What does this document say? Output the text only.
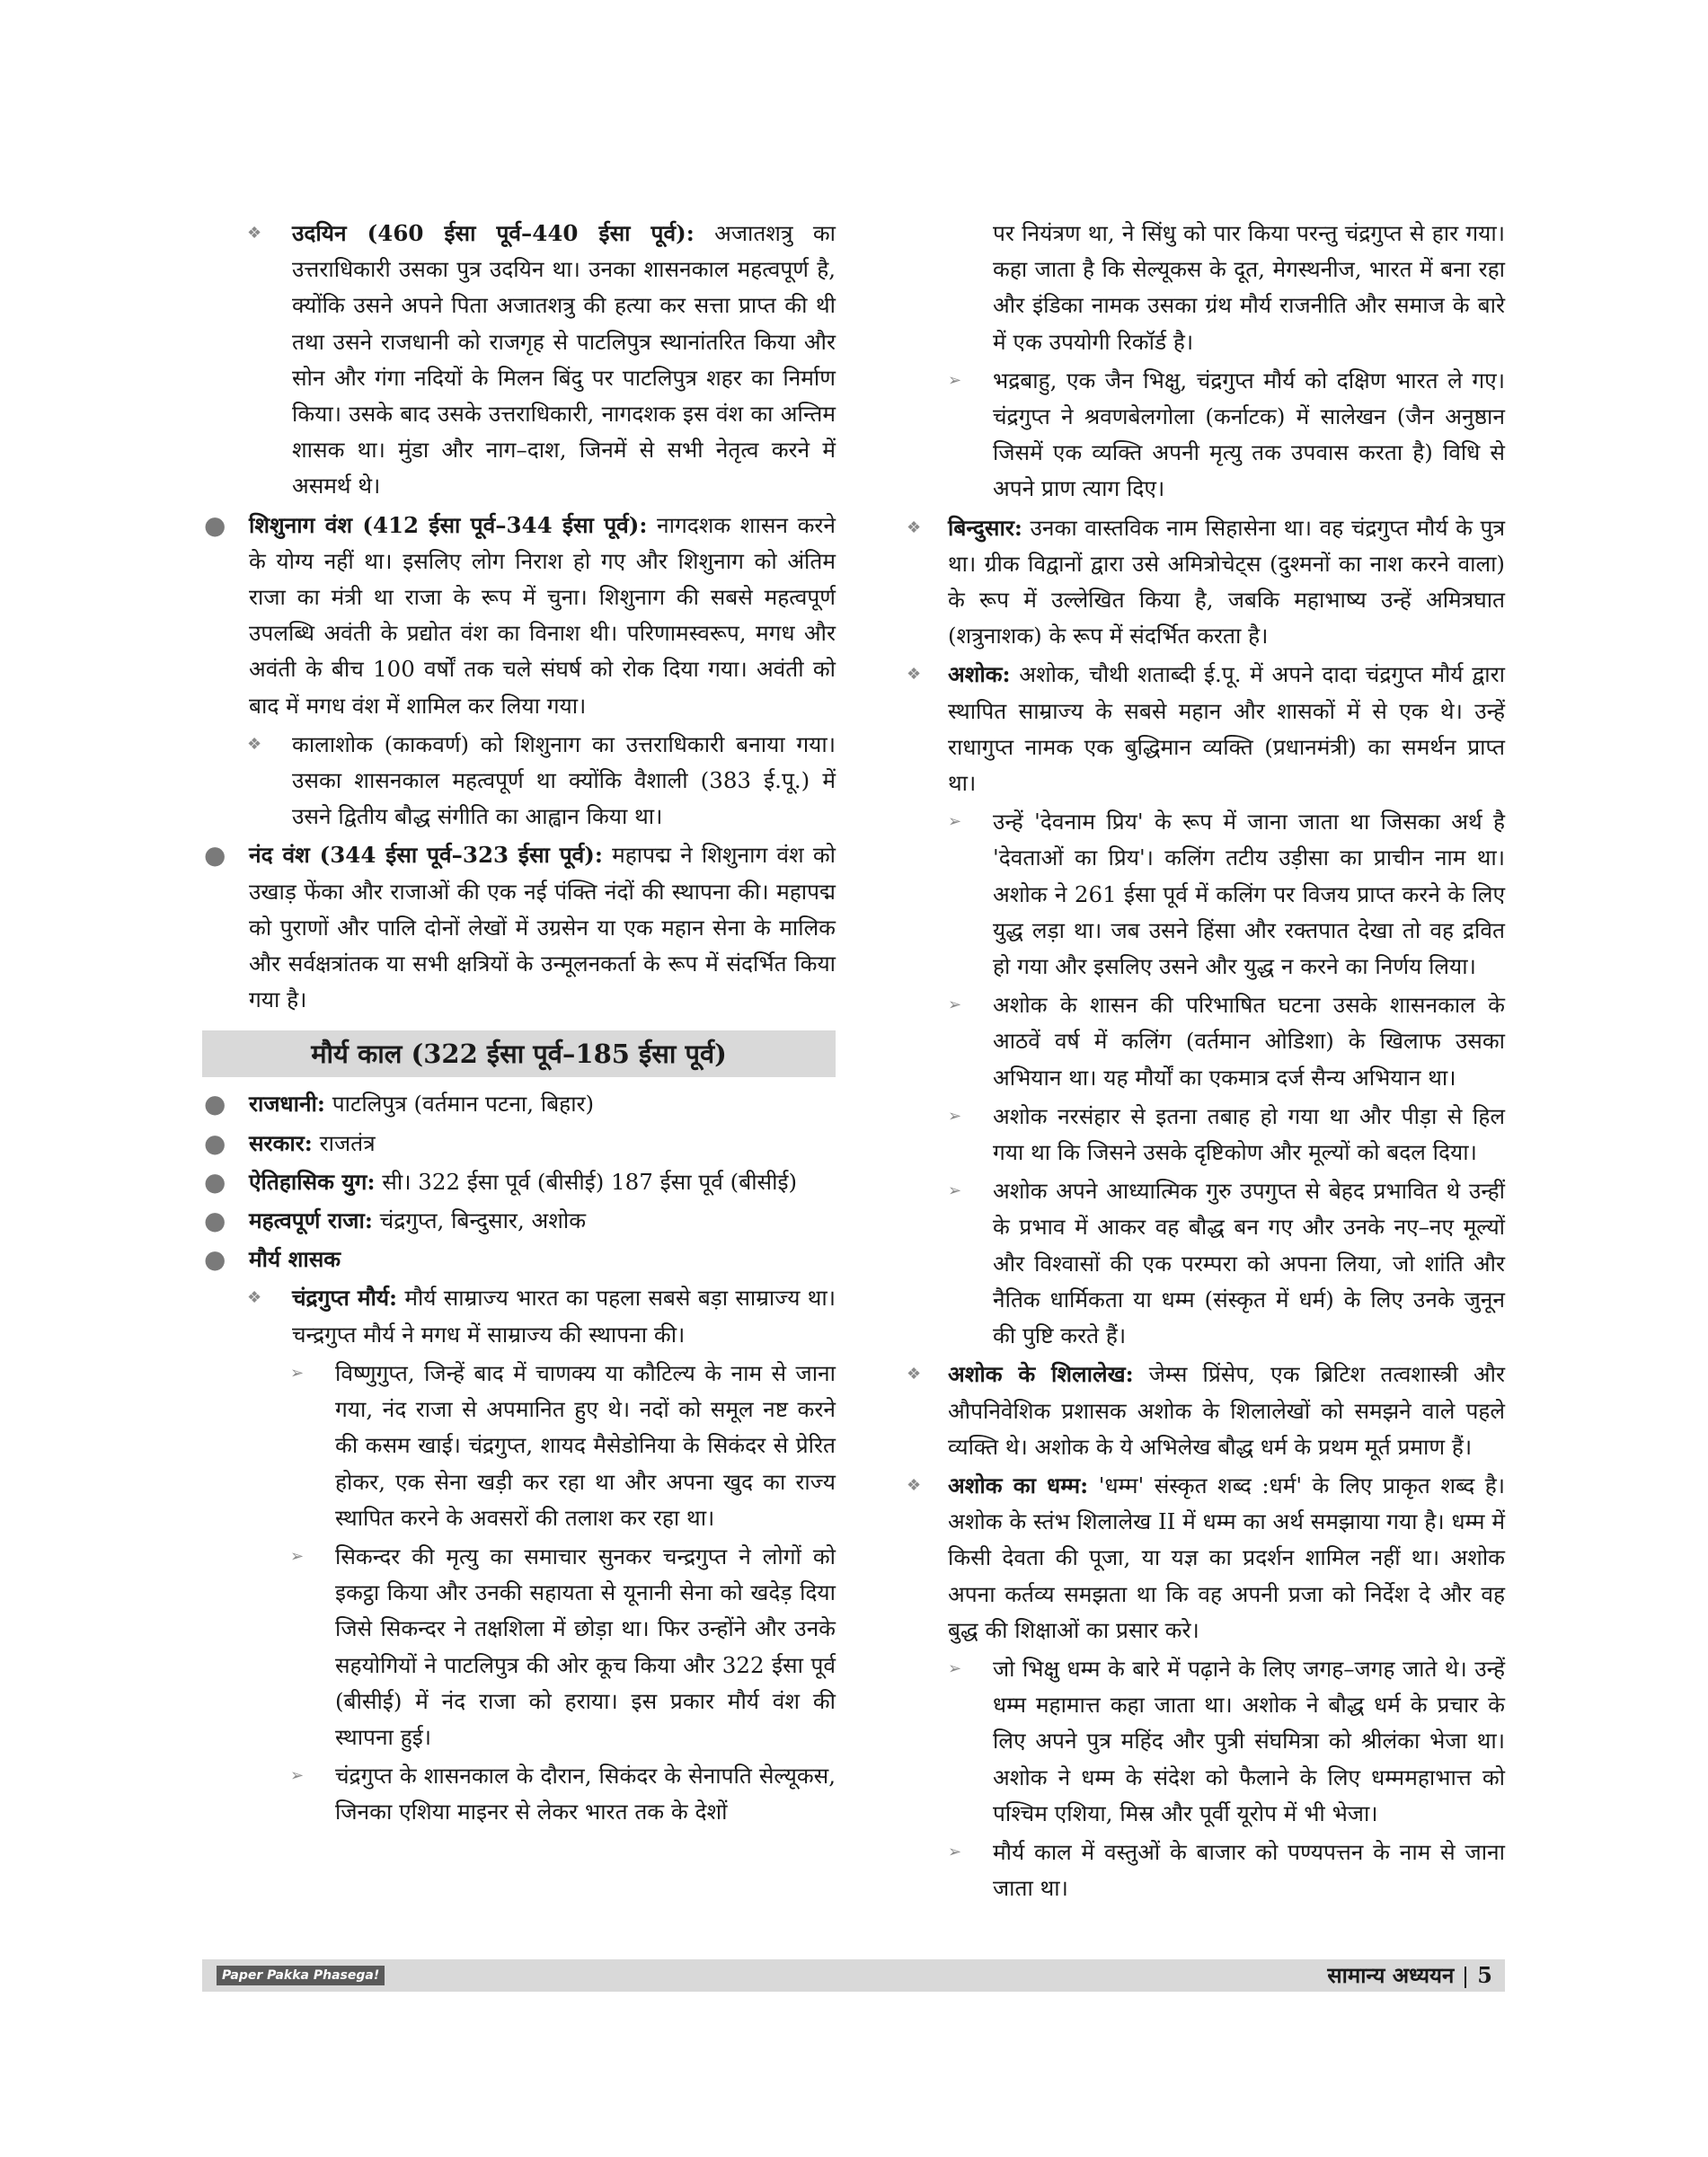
❖ उदयिन (460 ईसा पूर्व–440 ईसा पूर्व): अजातशत्रु का उत्तराधिकारी उसका पुत्र उदयिन था। उनका शासनकाल महत्वपूर्ण है, क्योंकि उसने अपने पिता अजातशत्रु की हत्या कर सत्ता प्राप्त की थी तथा उसने राजधानी को राजगृह से पाटलिपुत्र स्थानांतरित किया और सोन और गंगा नदियों के मिलन बिंदु पर पाटलिपुत्र शहर का निर्माण किया। उसके बाद उसके उत्तराधिकारी, नागदशक इस वंश का अन्तिम शासक था। मुंडा और नाग–दाश, जिनमें से सभी नेतृत्व करने में असमर्थ थे।
● शिशुनाग वंश (412 ईसा पूर्व–344 ईसा पूर्व): नागदशक शासन करने के योग्य नहीं था। इसलिए लोग निराश हो गए और शिशुनाग को अंतिम राजा का मंत्री था राजा के रूप में चुना। शिशुनाग की सबसे महत्वपूर्ण उपलब्धि अवंती के प्रद्योत वंश का विनाश थी। परिणामस्वरूप, मगध और अवंती के बीच 100 वर्षों तक चले संघर्ष को रोक दिया गया। अवंती को बाद में मगध वंश में शामिल कर लिया गया।
❖ कालाशोक (काकवर्ण) को शिशुनाग का उत्तराधिकारी बनाया गया। उसका शासनकाल महत्वपूर्ण था क्योंकि वैशाली (383 ई.पू.) में उसने द्वितीय बौद्ध संगीति का आह्वान किया था।
● नंद वंश (344 ईसा पूर्व–323 ईसा पूर्व): महापद्म ने शिशुनाग वंश को उखाड़ फेंका और राजाओं की एक नई पंक्ति नंदों की स्थापना की। महापद्म को पुराणों और पालि दोनों लेखों में उग्रसेन या एक महान सेना के मालिक और सर्वक्षत्रांतक या सभी क्षत्रियों के उन्मूलनकर्ता के रूप में संदर्भित किया गया है।
मौर्य काल (322 ईसा पूर्व–185 ईसा पूर्व)
● राजधानी: पाटलिपुत्र (वर्तमान पटना, बिहार)
● सरकार: राजतंत्र
● ऐतिहासिक युग: सी। 322 ईसा पूर्व (बीसीई) 187 ईसा पूर्व (बीसीई)
● महत्वपूर्ण राजा: चंद्रगुप्त, बिन्दुसार, अशोक
● मौर्य शासक
❖ चंद्रगुप्त मौर्य: मौर्य साम्राज्य भारत का पहला सबसे बड़ा साम्राज्य था। चन्द्रगुप्त मौर्य ने मगध में साम्राज्य की स्थापना की।
➢ विष्णुगुप्त, जिन्हें बाद में चाणक्य या कौटिल्य के नाम से जाना गया, नंद राजा से अपमानित हुए थे। नदों को समूल नष्ट करने की कसम खाई। चंद्रगुप्त, शायद मैसेडोनिया के सिकंदर से प्रेरित होकर, एक सेना खड़ी कर रहा था और अपना खुद का राज्य स्थापित करने के अवसरों की तलाश कर रहा था।
➢ सिकन्दर की मृत्यु का समाचार सुनकर चन्द्रगुप्त ने लोगों को इकट्ठा किया और उनकी सहायता से यूनानी सेना को खदेड़ दिया जिसे सिकन्दर ने तक्षशिला में छोड़ा था। फिर उन्होंने और उनके सहयोगियों ने पाटलिपुत्र की ओर कूच किया और 322 ईसा पूर्व (बीसीई) में नंद राजा को हराया। इस प्रकार मौर्य वंश की स्थापना हुई।
➢ चंद्रगुप्त के शासनकाल के दौरान, सिकंदर के सेनापति सेल्यूकस, जिनका एशिया माइनर से लेकर भारत तक के देशों
पर नियंत्रण था, ने सिंधु को पार किया परन्तु चंद्रगुप्त से हार गया। कहा जाता है कि सेल्यूकस के दूत, मेगस्थनीज, भारत में बना रहा और इंडिका नामक उसका ग्रंथ मौर्य राजनीति और समाज के बारे में एक उपयोगी रिकॉर्ड है।
➢ भद्रबाहु, एक जैन भिक्षु, चंद्रगुप्त मौर्य को दक्षिण भारत ले गए। चंद्रगुप्त ने श्रवणबेलगोला (कर्नाटक) में सालेखन (जैन अनुष्ठान जिसमें एक व्यक्ति अपनी मृत्यु तक उपवास करता है) विधि से अपने प्राण त्याग दिए।
❖ बिन्दुसार: उनका वास्तविक नाम सिहासेना था। वह चंद्रगुप्त मौर्य के पुत्र था। ग्रीक विद्वानों द्वारा उसे अमित्रोचेट्स (दुश्मनों का नाश करने वाला) के रूप में उल्लेखित किया है, जबकि महाभाष्य उन्हें अमित्रघात (शत्रुनाशक) के रूप में संदर्भित करता है।
❖ अशोक: अशोक, चौथी शताब्दी ई.पू. में अपने दादा चंद्रगुप्त मौर्य द्वारा स्थापित साम्राज्य के सबसे महान और शासकों में से एक थे। उन्हें राधागुप्त नामक एक बुद्धिमान व्यक्ति (प्रधानमंत्री) का समर्थन प्राप्त था।
➢ उन्हें 'देवनाम प्रिय' के रूप में जाना जाता था जिसका अर्थ है 'देवताओं का प्रिय'। कलिंग तटीय उड़ीसा का प्राचीन नाम था। अशोक ने 261 ईसा पूर्व में कलिंग पर विजय प्राप्त करने के लिए युद्ध लड़ा था। जब उसने हिंसा और रक्तपात देखा तो वह द्रवित हो गया और इसलिए उसने और युद्ध न करने का निर्णय लिया।
➢ अशोक के शासन की परिभाषित घटना उसके शासनकाल के आठवें वर्ष में कलिंग (वर्तमान ओडिशा) के खिलाफ उसका अभियान था। यह मौर्यों का एकमात्र दर्ज सैन्य अभियान था।
➢ अशोक नरसंहार से इतना तबाह हो गया था और पीड़ा से हिल गया था कि जिसने उसके दृष्टिकोण और मूल्यों को बदल दिया।
➢ अशोक अपने आध्यात्मिक गुरु उपगुप्त से बेहद प्रभावित थे उन्हीं के प्रभाव में आकर वह बौद्ध बन गए और उनके नए–नए मूल्यों और विश्वासों की एक परम्परा को अपना लिया, जो शांति और नैतिक धार्मिकता या धम्म (संस्कृत में धर्म) के लिए उनके जुनून की पुष्टि करते हैं।
❖ अशोक के शिलालेख: जेम्स प्रिंसेप, एक ब्रिटिश तत्वशास्त्री और औपनिवेशिक प्रशासक अशोक के शिलालेखों को समझने वाले पहले व्यक्ति थे। अशोक के ये अभिलेख बौद्ध धर्म के प्रथम मूर्त प्रमाण हैं।
❖ अशोक का धम्म: 'धम्म' संस्कृत शब्द :धर्म' के लिए प्राकृत शब्द है। अशोक के स्तंभ शिलालेख II में धम्म का अर्थ समझाया गया है। धम्म में किसी देवता की पूजा, या यज्ञ का प्रदर्शन शामिल नहीं था। अशोक अपना कर्तव्य समझता था कि वह अपनी प्रजा को निर्देश दे और वह बुद्ध की शिक्षाओं का प्रसार करे।
➢ जो भिक्षु धम्म के बारे में पढ़ाने के लिए जगह–जगह जाते थे। उन्हें धम्म महामात्त कहा जाता था। अशोक ने बौद्ध धर्म के प्रचार के लिए अपने पुत्र महिंद और पुत्री संघमित्रा को श्रीलंका भेजा था। अशोक ने धम्म के संदेश को फैलाने के लिए धम्ममहाभात्त को पश्चिम एशिया, मिस्र और पूर्वी यूरोप में भी भेजा।
➢ मौर्य काल में वस्तुओं के बाजार को पण्यपत्तन के नाम से जाना जाता था।
Paper Pakka Phasega!	सामान्य अध्ययन 5
